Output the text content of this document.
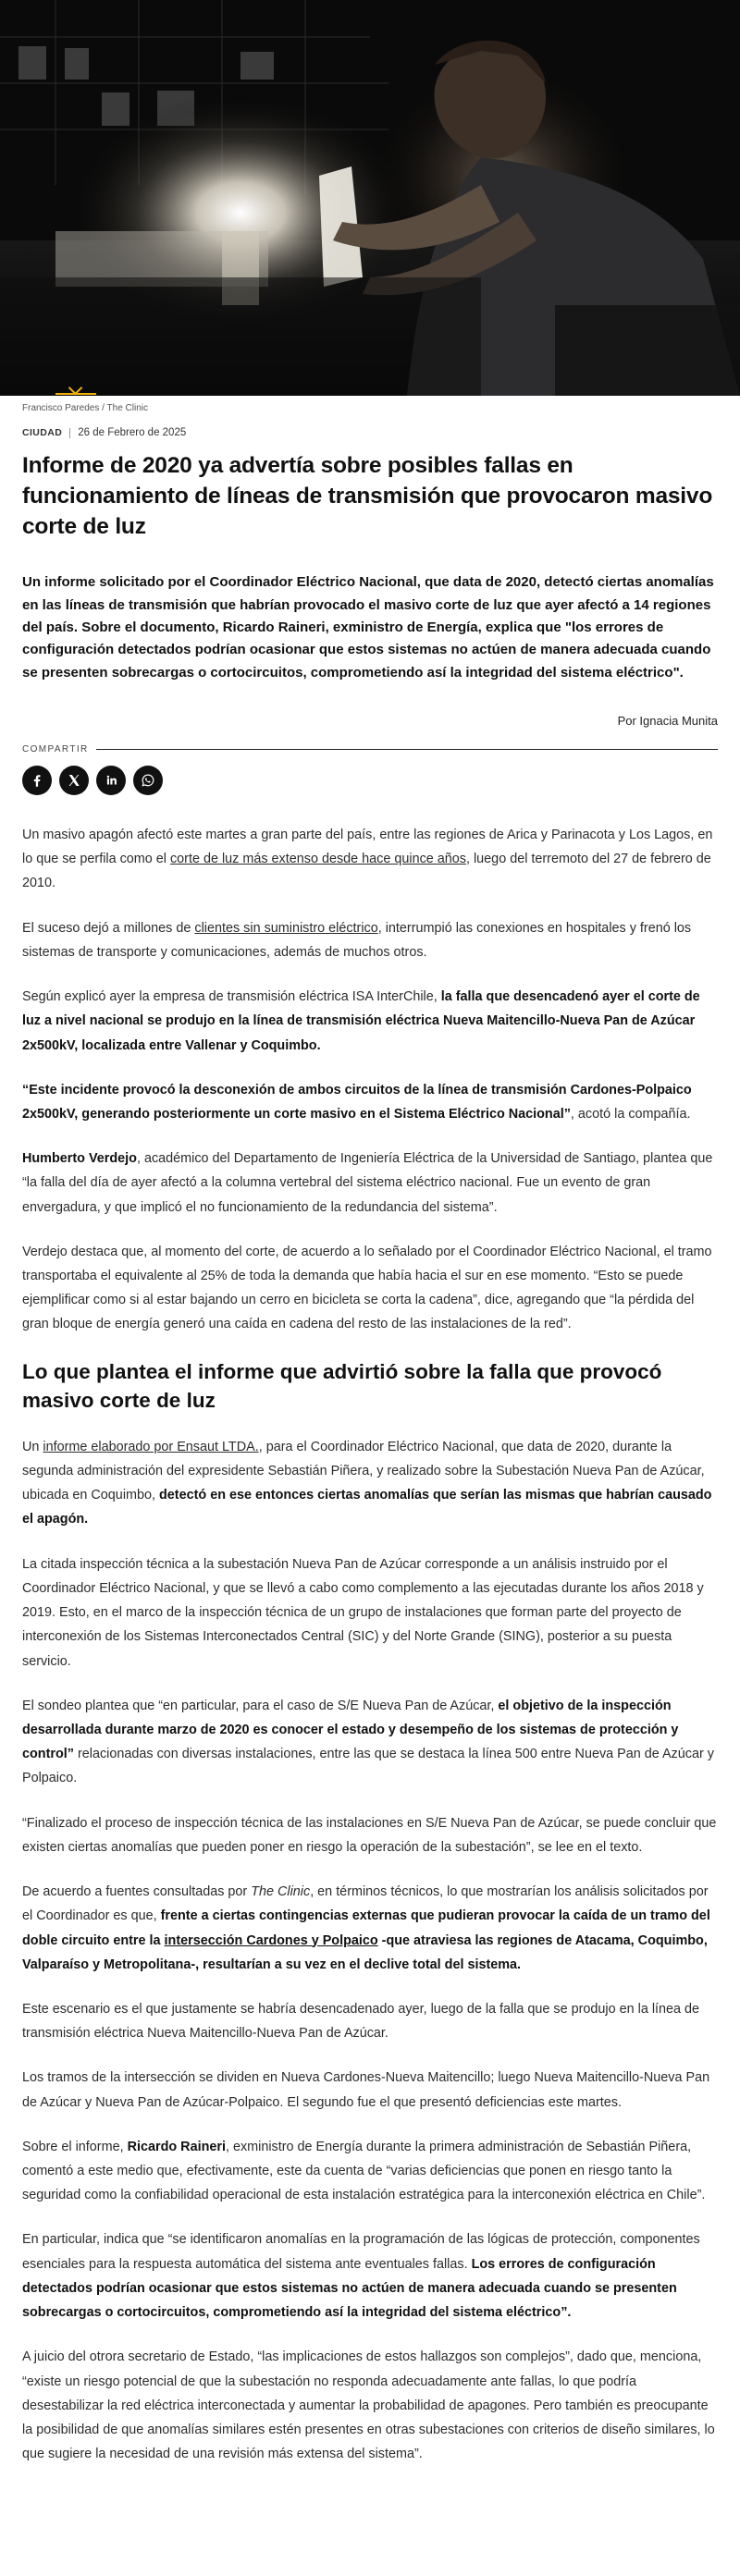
Francisco Paredes / The Clinic
CIUDAD 26 de Febrero de 2025
Informe de 2020 ya advertía sobre posibles fallas en funcionamiento de líneas de transmisión que provocaron masivo corte de luz

Un informe solicitado por el Coordinador Eléctrico Nacional, que data de 2020, detectó ciertas anomalías en las líneas de transmisión que habrían provocado el masivo corte de luz que ayer afectó a 14 regiones del país. Sobre el documento, Ricardo Raineri, exministro de Energía, explica que "los errores de configuración detectados podrían ocasionar que estos sistemas no actúen de manera adecuada cuando se presenten sobrecargas o cortocircuitos, comprometiendo así la integridad del sistema eléctrico".

Por Ignacia Munita
COMPARTIR

Un masivo apagón afectó este martes a gran parte del país, entre las regiones de Arica y Parinacota y Los Lagos, en lo que se perfila como el corte de luz más extenso desde hace quince años, luego del terremoto del 27 de febrero de 2010.

El suceso dejó a millones de clientes sin suministro eléctrico, interrumpió las conexiones en hospitales y frenó los sistemas de transporte y comunicaciones, además de muchos otros.

Según explicó ayer la empresa de transmisión eléctrica ISA InterChile, la falla que desencadenó ayer el corte de luz a nivel nacional se produjo en la línea de transmisión eléctrica Nueva Maitencillo-Nueva Pan de Azúcar 2x500kV, localizada entre Vallenar y Coquimbo.

“Este incidente provocó la desconexión de ambos circuitos de la línea de transmisión Cardones-Polpaico 2x500kV, generando posteriormente un corte masivo en el Sistema Eléctrico Nacional”, acotó la compañía.

Humberto Verdejo, académico del Departamento de Ingeniería Eléctrica de la Universidad de Santiago, plantea que “la falla del día de ayer afectó a la columna vertebral del sistema eléctrico nacional. Fue un evento de gran envergadura, y que implicó el no funcionamiento de la redundancia del sistema”.

Verdejo destaca que, al momento del corte, de acuerdo a lo señalado por el Coordinador Eléctrico Nacional, el tramo transportaba el equivalente al 25% de toda la demanda que había hacia el sur en ese momento. “Esto se puede ejemplificar como si al estar bajando un cerro en bicicleta se corta la cadena”, dice, agregando que “la pérdida del gran bloque de energía generó una caída en cadena del resto de las instalaciones de la red”.

Lo que plantea el informe que advirtió sobre la falla que provocó masivo corte de luz

Un informe elaborado por Ensaut LTDA., para el Coordinador Eléctrico Nacional, que data de 2020, durante la segunda administración del expresidente Sebastián Piñera, y realizado sobre la Subestación Nueva Pan de Azúcar, ubicada en Coquimbo, detectó en ese entonces ciertas anomalías que serían las mismas que habrían causado el apagón.

La citada inspección técnica a la subestación Nueva Pan de Azúcar corresponde a un análisis instruido por el Coordinador Eléctrico Nacional, y que se llevó a cabo como complemento a las ejecutadas durante los años 2018 y 2019. Esto, en el marco de la inspección técnica de un grupo de instalaciones que forman parte del proyecto de interconexión de los Sistemas Interconectados Central (SIC) y del Norte Grande (SING), posterior a su puesta servicio.

El sondeo plantea que “en particular, para el caso de S/E Nueva Pan de Azúcar, el objetivo de la inspección desarrollada durante marzo de 2020 es conocer el estado y desempeño de los sistemas de protección y control” relacionadas con diversas instalaciones, entre las que se destaca la línea 500 entre Nueva Pan de Azúcar y Polpaico.

“Finalizado el proceso de inspección técnica de las instalaciones en S/E Nueva Pan de Azúcar, se puede concluir que existen ciertas anomalías que pueden poner en riesgo la operación de la subestación”, se lee en el texto.

De acuerdo a fuentes consultadas por The Clinic, en términos técnicos, lo que mostrarían los análisis solicitados por el Coordinador es que, frente a ciertas contingencias externas que pudieran provocar la caída de un tramo del doble circuito entre la intersección Cardones y Polpaico -que atraviesa las regiones de Atacama, Coquimbo, Valparaíso y Metropolitana-, resultarían a su vez en el declive total del sistema.

Este escenario es el que justamente se habría desencadenado ayer, luego de la falla que se produjo en la línea de transmisión eléctrica Nueva Maitencillo-Nueva Pan de Azúcar.

Los tramos de la intersección se dividen en Nueva Cardones-Nueva Maitencillo; luego Nueva Maitencillo-Nueva Pan de Azúcar y Nueva Pan de Azúcar-Polpaico. El segundo fue el que presentó deficiencias este martes.

Sobre el informe, Ricardo Raineri, exministro de Energía durante la primera administración de Sebastián Piñera, comentó a este medio que, efectivamente, este da cuenta de “varias deficiencias que ponen en riesgo tanto la seguridad como la confiabilidad operacional de esta instalación estratégica para la interconexión eléctrica en Chile”.

En particular, indica que “se identificaron anomalías en la programación de las lógicas de protección, componentes esenciales para la respuesta automática del sistema ante eventuales fallas. Los errores de configuración detectados podrían ocasionar que estos sistemas no actúen de manera adecuada cuando se presenten sobrecargas o cortocircuitos, comprometiendo así la integridad del sistema eléctrico”.

A juicio del otrora secretario de Estado, “las implicaciones de estos hallazgos son complejos”, dado que, menciona, “existe un riesgo potencial de que la subestación no responda adecuadamente ante fallas, lo que podría desestabilizar la red eléctrica interconectada y aumentar la probabilidad de apagones. Pero también es preocupante la posibilidad de que anomalías similares estén presentes en otras subestaciones con criterios de diseño similares, lo que sugiere la necesidad de una revisión más extensa del sistema”.
